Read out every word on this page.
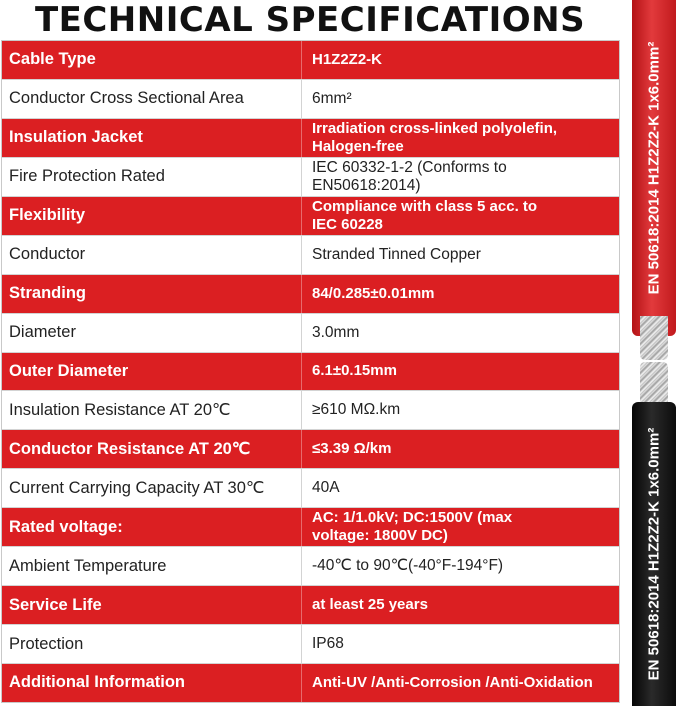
TECHNICAL SPECIFICATIONS
Cable Type	H1Z2Z2-K
Conductor Cross Sectional Area	6mm²
Insulation Jacket	Irradiation cross-linked polyolefin,
Halogen-free
Fire Protection Rated	IEC 60332-1-2 (Conforms to
EN50618:2014)
Flexibility	Compliance with class 5 acc. to
IEC 60228
Conductor	Stranded Tinned Copper
Stranding	84/0.285±0.01mm
Diameter	3.0mm
Outer Diameter	6.1±0.15mm
Insulation Resistance AT 20℃	≥610 MΩ.km
Conductor Resistance AT 20℃	≤3.39 Ω/km
Current Carrying Capacity AT 30℃	40A
Rated voltage:	AC: 1/1.0kV; DC:1500V (max
voltage: 1800V DC)
Ambient Temperature	-40℃ to 90℃(-40°F-194°F)
Service Life	at least 25 years
Protection	IP68
Additional Information	Anti-UV /Anti-Corrosion /Anti-Oxidation
EN 50618:2014 H1Z2Z2-K 1x6.0mm²
EN 50618:2014 H1Z2Z2-K 1x6.0mm²
